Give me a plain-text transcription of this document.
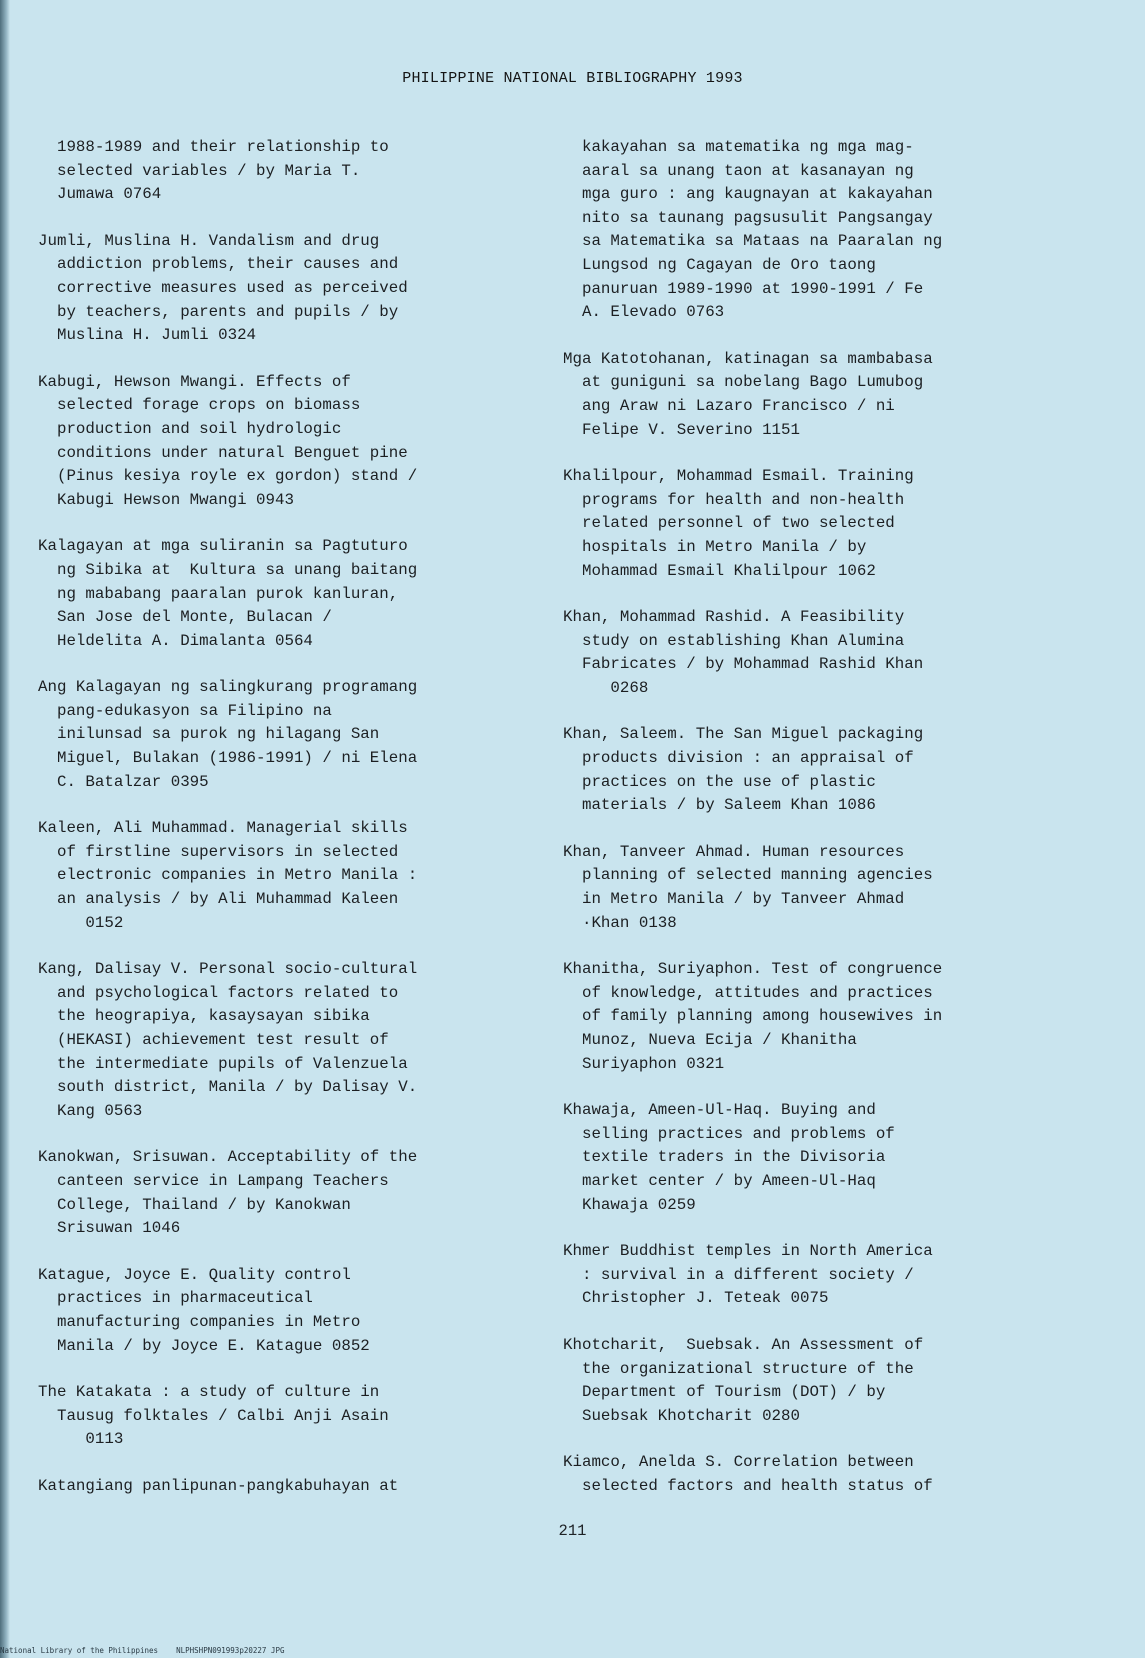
PHILIPPINE NATIONAL BIBLIOGRAPHY 1993

1988-1989 and their relationship to
selected variables / by Maria T.
Jumawa 0764

Jumli, Muslina H. Vandalism and drug
addiction problems, their causes and
corrective measures used as perceived
by teachers, parents and pupils / by
Muslina H. Jumli 0324

Kabugi, Hewson Mwangi. Effects of
selected forage crops on biomass
production and soil hydrologic
conditions under natural Benguet pine
(Pinus kesiya royle ex gordon) stand /
Kabugi Hewson Mwangi 0943

Kalagayan at mga suliranin sa Pagtuturo
ng Sibika at  Kultura sa unang baitang
ng mababang paaralan purok kanluran,
San Jose del Monte, Bulacan /
Heldelita A. Dimalanta 0564

Ang Kalagayan ng salingkurang programang
pang-edukasyon sa Filipino na
inilunsad sa purok ng hilagang San
Miguel, Bulakan (1986-1991) / ni Elena
C. Batalzar 0395

Kaleen, Ali Muhammad. Managerial skills
of firstline supervisors in selected
electronic companies in Metro Manila :
an analysis / by Ali Muhammad Kaleen
0152

Kang, Dalisay V. Personal socio-cultural
and psychological factors related to
the heograpiya, kasaysayan sibika
(HEKASI) achievement test result of
the intermediate pupils of Valenzuela
south district, Manila / by Dalisay V.
Kang 0563

Kanokwan, Srisuwan. Acceptability of the
canteen service in Lampang Teachers
College, Thailand / by Kanokwan
Srisuwan 1046

Katague, Joyce E. Quality control
practices in pharmaceutical
manufacturing companies in Metro
Manila / by Joyce E. Katague 0852

The Katakata : a study of culture in
Tausug folktales / Calbi Anji Asain
0113

Katangiang panlipunan-pangkabuhayan at

kakayahan sa matematika ng mga mag-
aaral sa unang taon at kasanayan ng
mga guro : ang kaugnayan at kakayahan
nito sa taunang pagsusulit Pangsangay
sa Matematika sa Mataas na Paaralan ng
Lungsod ng Cagayan de Oro taong
panuruan 1989-1990 at 1990-1991 / Fe
A. Elevado 0763

Mga Katotohanan, katinagan sa mambabasa
at guniguni sa nobelang Bago Lumubog
ang Araw ni Lazaro Francisco / ni
Felipe V. Severino 1151

Khalilpour, Mohammad Esmail. Training
programs for health and non-health
related personnel of two selected
hospitals in Metro Manila / by
Mohammad Esmail Khalilpour 1062

Khan, Mohammad Rashid. A Feasibility
study on establishing Khan Alumina
Fabricates / by Mohammad Rashid Khan
0268

Khan, Saleem. The San Miguel packaging
products division : an appraisal of
practices on the use of plastic
materials / by Saleem Khan 1086

Khan, Tanveer Ahmad. Human resources
planning of selected manning agencies
in Metro Manila / by Tanveer Ahmad
·Khan 0138

Khanitha, Suriyaphon. Test of congruence
of knowledge, attitudes and practices
of family planning among housewives in
Munoz, Nueva Ecija / Khanitha
Suriyaphon 0321

Khawaja, Ameen-Ul-Haq. Buying and
selling practices and problems of
textile traders in the Divisoria
market center / by Ameen-Ul-Haq
Khawaja 0259

Khmer Buddhist temples in North America
: survival in a different society /
Christopher J. Teteak 0075

Khotcharit,  Suebsak. An Assessment of
the organizational structure of the
Department of Tourism (DOT) / by
Suebsak Khotcharit 0280

Kiamco, Anelda S. Correlation between
selected factors and health status of

211
National Library of the Philippines    NLPHSHPN091993p20227 JPG
